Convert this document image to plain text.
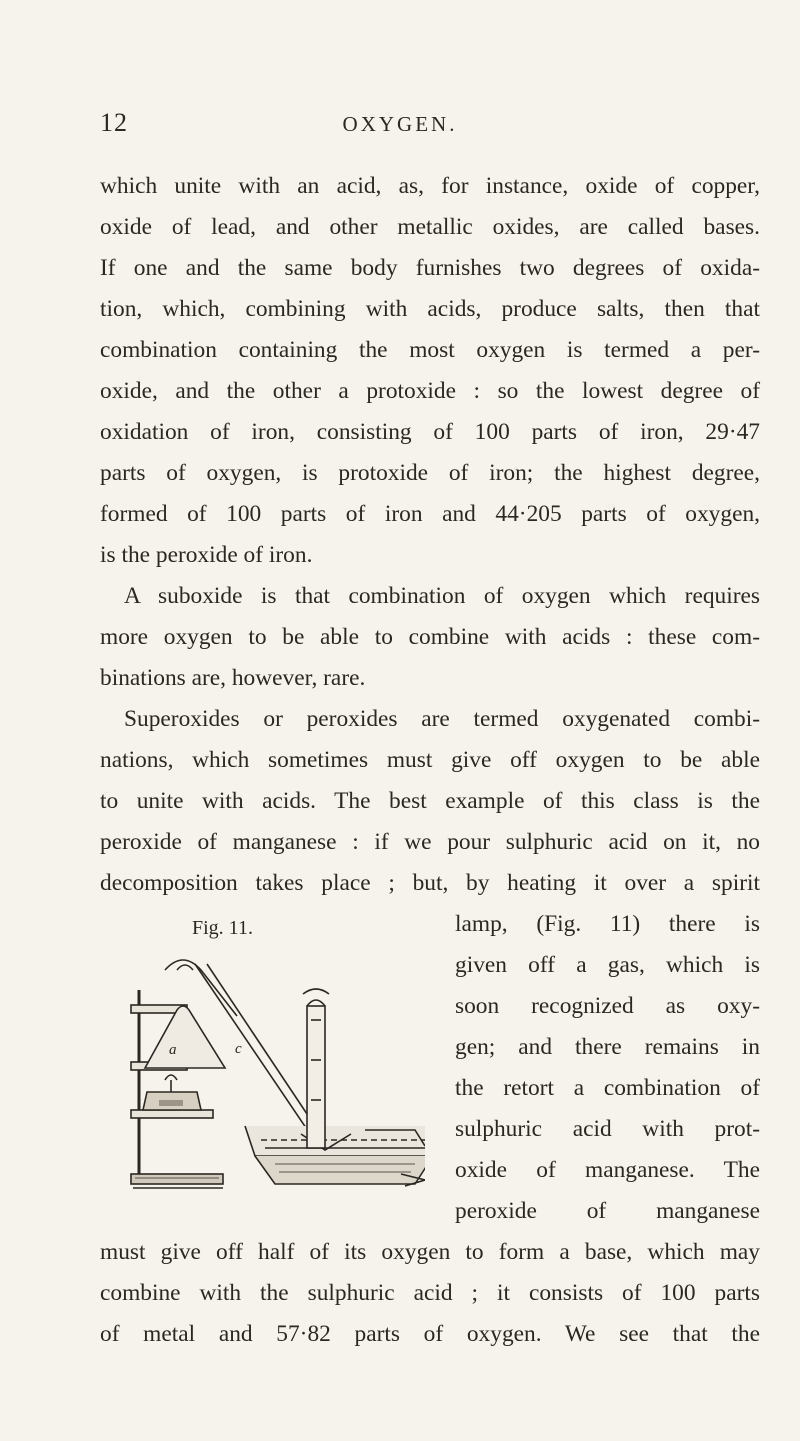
12	OXYGEN.
which unite with an acid, as, for instance, oxide of copper,
oxide of lead, and other metallic oxides, are called bases.
If one and the same body furnishes two degrees of oxida-
tion, which, combining with acids, produce salts, then that
combination containing the most oxygen is termed a per-
oxide, and the other a protoxide : so the lowest degree of
oxidation of iron, consisting of 100 parts of iron, 29·47
parts of oxygen, is protoxide of iron; the highest degree,
formed of 100 parts of iron and 44·205 parts of oxygen,
is the peroxide of iron.
A suboxide is that combination of oxygen which requires
more oxygen to be able to combine with acids : these com-
binations are, however, rare.
Superoxides or peroxides are termed oxygenated combi-
nations, which sometimes must give off oxygen to be able
to unite with acids. The best example of this class is the
peroxide of manganese : if we pour sulphuric acid on it, no
decomposition takes place ; but, by heating it over a spirit
Fig. 11.
a	c
lamp, (Fig. 11) there is
given off a gas, which is
soon recognized as oxy-
gen; and there remains in
the retort a combination of
sulphuric acid with prot-
oxide of manganese. The
peroxide of manganese
must give off half of its oxygen to form a base, which may
combine with the sulphuric acid ; it consists of 100 parts
of metal and 57·82 parts of oxygen. We see that the
